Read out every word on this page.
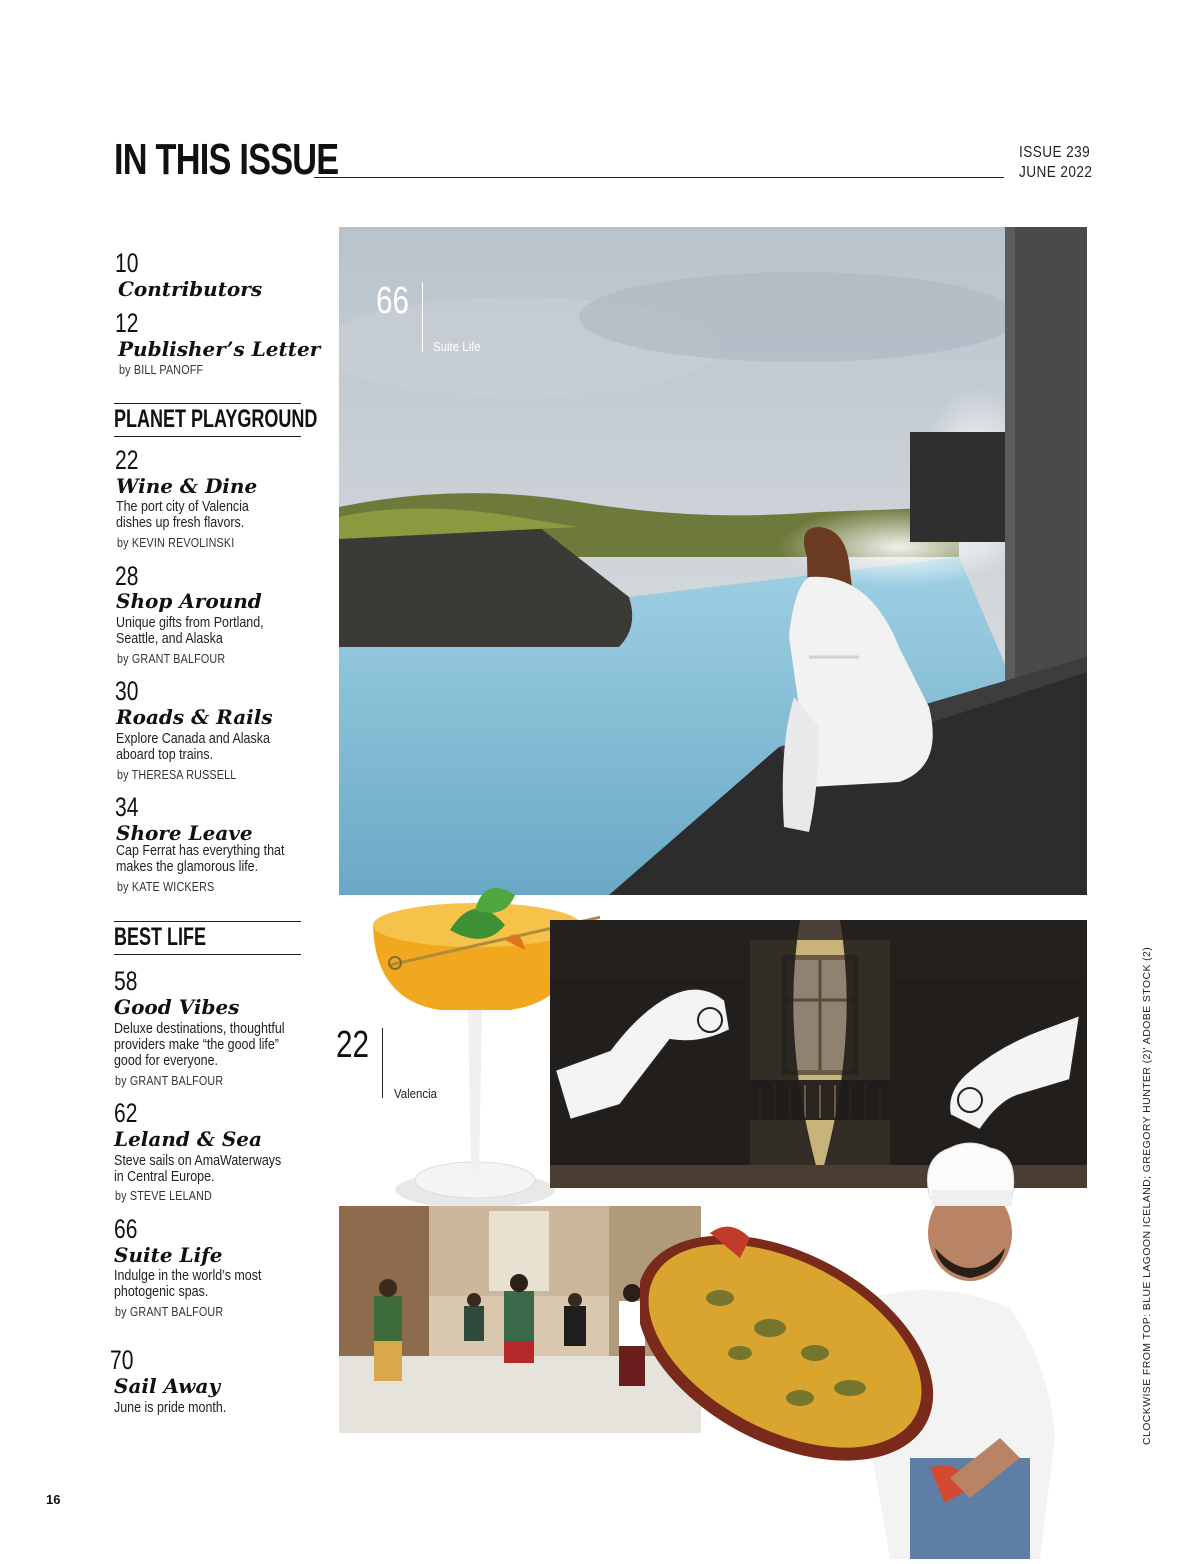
IN THIS ISSUE	ISSUE 239
JUNE 2022
10
Contributors
12
Publisher’s Letter
by BILL PANOFF
PLANET PLAYGROUND
22
Wine & Dine
The port city of Valencia
dishes up fresh flavors.
by KEVIN REVOLINSKI
28
Shop Around
Unique gifts from Portland,
Seattle, and Alaska
by GRANT BALFOUR
30
Roads & Rails
Explore Canada and Alaska
aboard top trains.
by THERESA RUSSELL
34
Shore Leave
Cap Ferrat has everything that
makes the glamorous life.
by KATE WICKERS
BEST LIFE
58
Good Vibes
Deluxe destinations, thoughtful
providers make “the good life”
good for everyone.
by GRANT BALFOUR
62
Leland & Sea
Steve sails on AmaWaterways
in Central Europe.
by STEVE LELAND
66
Suite Life
Indulge in the world’s most
photogenic spas.
by GRANT BALFOUR
70
Sail Away
June is pride month.
66
Suite Life
22
Valencia
16
CLOCKWISE FROM TOP: BLUE LAGOON ICELAND; GREGORY HUNTER (2)' ADOBE STOCK (2)
